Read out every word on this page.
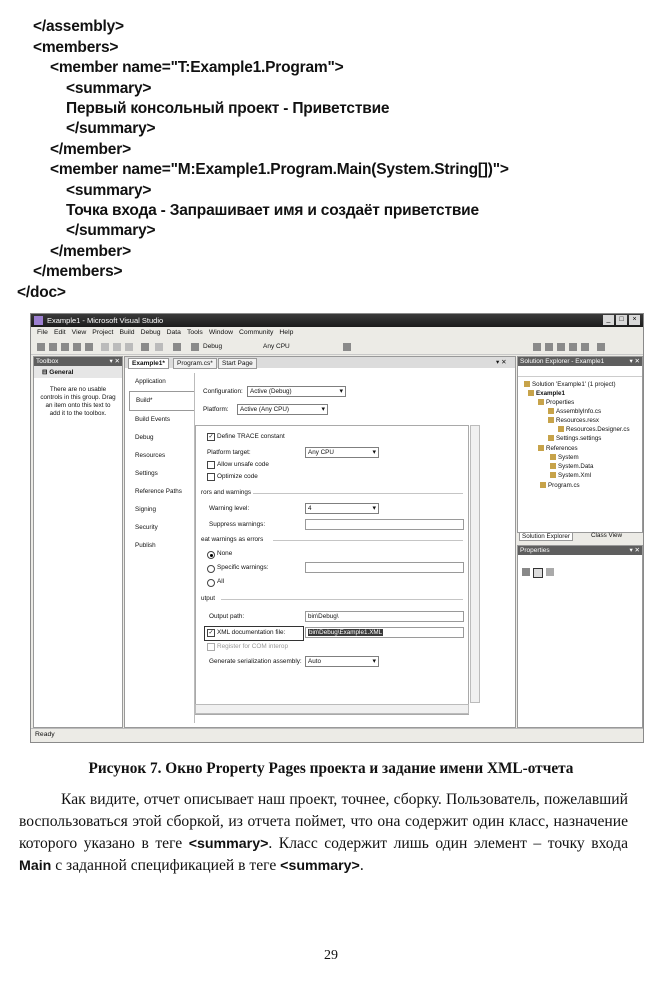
</assembly>
<members>
<member name="T:Example1.Program">
<summary>
Первый консольный проект - Приветствие
</summary>
</member>
<member name="M:Example1.Program.Main(System.String[])">
<summary>
Точка входа - Запрашивает имя и создаёт приветствие
</summary>
</member>
</members>
</doc>
Example1 - Microsoft Visual Studio	_	□	×
File Edit View Project Build Debug Data Tools Window Community Help
Debug	Any CPU
Toolbox	▾ ✕
⊟ General
There are no usable controls in this group. Drag an item onto this text to add it to the toolbox.
Example1*	Program.cs*	Start Page	▾ ✕
Application
Build*
Build Events
Debug
Resources
Settings
Reference Paths
Signing
Security
Publish
Configuration:	Active (Debug) ▾
Platform:	Active (Any CPU) ▾
✓ Define TRACE constant
Platform target:	Any CPU ▾
Allow unsafe code
Optimize code
rors and warnings
Warning level:	4 ▾
Suppress warnings:
eat warnings as errors
None
Specific warnings:
All
utput
Output path:	bin\Debug\
✓ XML documentation file:	bin\Debug\Example1.XML
Register for COM interop
Generate serialization assembly: Auto ▾
Solution Explorer - Example1	▾ ✕
Solution 'Example1' (1 project)
Example1
Properties
AssemblyInfo.cs
Resources.resx
Resources.Designer.cs
Settings.settings
References
System
System.Data
System.Xml
Program.cs
Solution Explorer	Class View
Properties	▾ ✕
Ready
Рисунок 7. Окно Property Pages проекта и задание имени XML-отчета
Как видите, отчет описывает наш проект, точнее, сборку. Пользователь, пожелавший воспользоваться этой сборкой, из отчета поймет, что она содержит один класс, назначение которого указано в теге <summary>. Класс содержит лишь один элемент – точку входа Main с заданной спецификацией в теге <summary>.
29
